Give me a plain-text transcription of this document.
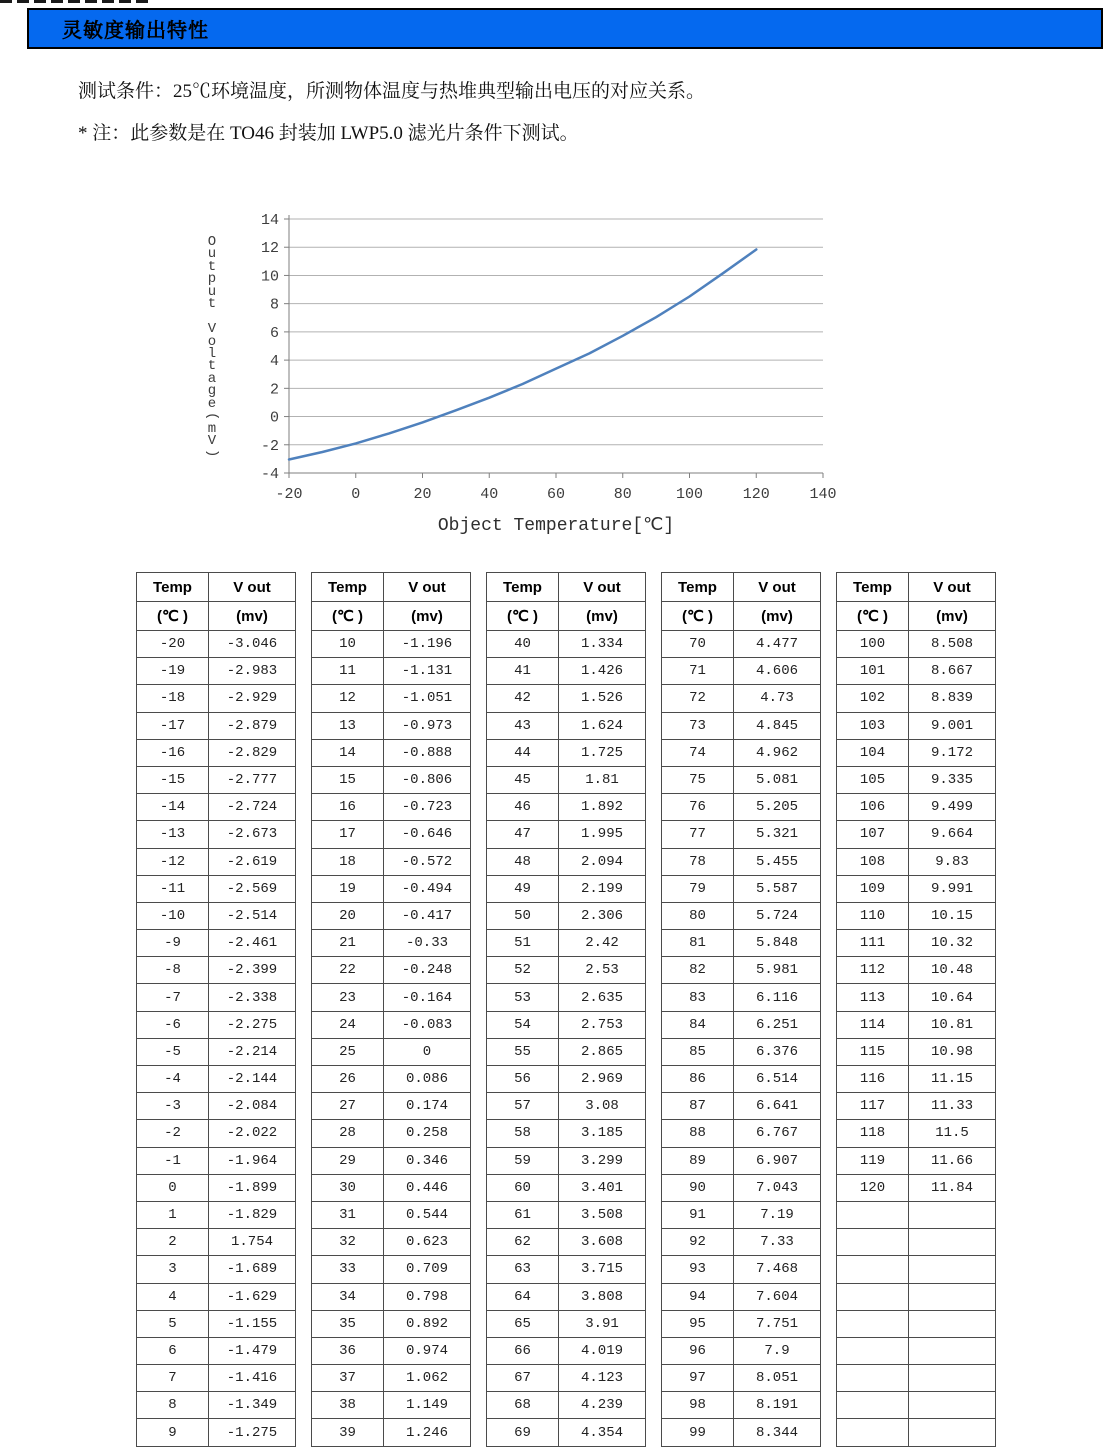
灵敏度输出特性

测试条件：25℃环境温度，所测物体温度与热堆典型输出电压的对应关系。

* 注：此参数是在 TO46 封装加 LWP5.0 滤光片条件下测试。

O
u
t
p
u
t
V
o
l
t
a
g
e
(
m
V
)
-4
-2
0
2
4
6
8
10
12
14
-20	0	20	40	60	80	100	120	140
Object Temperature[℃]
Temp	V out
(℃ )	(mv)
-20	-3.046
-19	-2.983
-18	-2.929
-17	-2.879
-16	-2.829
-15	-2.777
-14	-2.724
-13	-2.673
-12	-2.619
-11	-2.569
-10	-2.514
-9	-2.461
-8	-2.399
-7	-2.338
-6	-2.275
-5	-2.214
-4	-2.144
-3	-2.084
-2	-2.022
-1	-1.964
0	-1.899
1	-1.829
2	1.754
3	-1.689
4	-1.629
5	-1.155
6	-1.479
7	-1.416
8	-1.349
9	-1.275
Temp	V out
(℃ )	(mv)
10	-1.196
11	-1.131
12	-1.051
13	-0.973
14	-0.888
15	-0.806
16	-0.723
17	-0.646
18	-0.572
19	-0.494
20	-0.417
21	-0.33
22	-0.248
23	-0.164
24	-0.083
25	0
26	0.086
27	0.174
28	0.258
29	0.346
30	0.446
31	0.544
32	0.623
33	0.709
34	0.798
35	0.892
36	0.974
37	1.062
38	1.149
39	1.246
Temp	V out
(℃ )	(mv)
40	1.334
41	1.426
42	1.526
43	1.624
44	1.725
45	1.81
46	1.892
47	1.995
48	2.094
49	2.199
50	2.306
51	2.42
52	2.53
53	2.635
54	2.753
55	2.865
56	2.969
57	3.08
58	3.185
59	3.299
60	3.401
61	3.508
62	3.608
63	3.715
64	3.808
65	3.91
66	4.019
67	4.123
68	4.239
69	4.354
Temp	V out
(℃ )	(mv)
70	4.477
71	4.606
72	4.73
73	4.845
74	4.962
75	5.081
76	5.205
77	5.321
78	5.455
79	5.587
80	5.724
81	5.848
82	5.981
83	6.116
84	6.251
85	6.376
86	6.514
87	6.641
88	6.767
89	6.907
90	7.043
91	7.19
92	7.33
93	7.468
94	7.604
95	7.751
96	7.9
97	8.051
98	8.191
99	8.344
Temp	V out
(℃ )	(mv)
100	8.508
101	8.667
102	8.839
103	9.001
104	9.172
105	9.335
106	9.499
107	9.664
108	9.83
109	9.991
110	10.15
111	10.32
112	10.48
113	10.64
114	10.81
115	10.98
116	11.15
117	11.33
118	11.5
119	11.66
120	11.84
